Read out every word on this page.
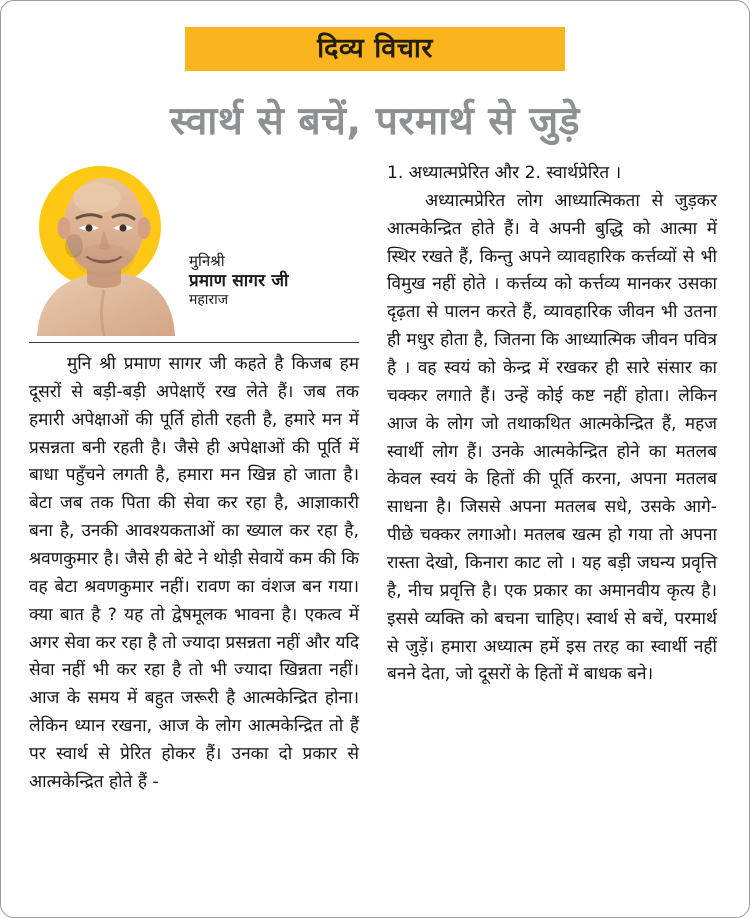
दिव्य विचार
स्वार्थ से बचें, परमार्थ से जुड़े
मुनिश्री
प्रमाण सागर जी
महाराज

मुनि श्री प्रमाण सागर जी कहते है किजब हम दूसरों से बड़ी-बड़ी अपेक्षाएँ रख लेते हैं। जब तक हमारी अपेक्षाओं की पूर्ति होती रहती है, हमारे मन में प्रसन्नता बनी रहती है। जैसे ही अपेक्षाओं की पूर्ति में बाधा पहुँचने लगती है, हमारा मन खिन्न हो जाता है। बेटा जब तक पिता की सेवा कर रहा है, आज्ञाकारी बना है, उनकी आवश्यकताओं का ख्याल कर रहा है, श्रवणकुमार है। जैसे ही बेटे ने थोड़ी सेवायें कम की कि वह बेटा श्रवणकुमार नहीं। रावण का वंशज बन गया। क्या बात है ? यह तो द्वेषमूलक भावना है। एकत्व में अगर सेवा कर रहा है तो ज्यादा प्रसन्नता नहीं और यदि सेवा नहीं भी कर रहा है तो भी ज्यादा खिन्नता नहीं। आज के समय में बहुत जरूरी है आत्मकेन्द्रित होना। लेकिन ध्यान रखना, आज के लोग आत्मकेन्द्रित तो हैं पर स्वार्थ से प्रेरित होकर हैं। उनका दो प्रकार से आत्मकेन्द्रित होते हैं -

1. अध्यात्मप्रेरित और 2. स्वार्थप्रेरित ।

अध्यात्मप्रेरित लोग आध्यात्मिकता से जुड़कर आत्मकेन्द्रित होते हैं। वे अपनी बुद्धि को आत्मा में स्थिर रखते हैं, किन्तु अपने व्यावहारिक कर्त्तव्यों से भी विमुख नहीं होते । कर्त्तव्य को कर्त्तव्य मानकर उसका दृढ़ता से पालन करते हैं, व्यावहारिक जीवन भी उतना ही मधुर होता है, जितना कि आध्यात्मिक जीवन पवित्र है । वह स्वयं को केन्द्र में रखकर ही सारे संसार का चक्कर लगाते हैं। उन्हें कोई कष्ट नहीं होता। लेकिन आज के लोग जो तथाकथित आत्मकेन्द्रित हैं, महज स्वार्थी लोग हैं। उनके आत्मकेन्द्रित होने का मतलब केवल स्वयं के हितों की पूर्ति करना, अपना मतलब साधना है। जिससे अपना मतलब सधे, उसके आगे-पीछे चक्कर लगाओ। मतलब खत्म हो गया तो अपना रास्ता देखो, किनारा काट लो । यह बड़ी जघन्य प्रवृत्ति है, नीच प्रवृत्ति है। एक प्रकार का अमानवीय कृत्य है। इससे व्यक्ति को बचना चाहिए। स्वार्थ से बचें, परमार्थ से जुड़ें। हमारा अध्यात्म हमें इस तरह का स्वार्थी नहीं बनने देता, जो दूसरों के हितों में बाधक बने।
